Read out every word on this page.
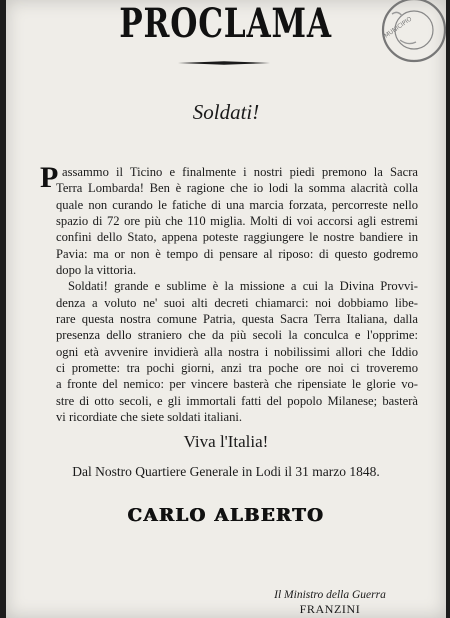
PROCLAMA	MUNICIPIO
Soldati!
P assammo il Ticino e finalmente i nostri piedi premono la Sacra
Terra Lombarda! Ben è ragione che io lodi la somma alacrità colla
quale non curando le fatiche di una marcia forzata, percorreste nello
spazio di 72 ore più che 110 miglia. Molti di voi accorsi agli estremi
confini dello Stato, appena poteste raggiungere le nostre bandiere in
Pavia: ma or non è tempo di pensare al riposo: di questo godremo
dopo la vittoria.
Soldati! grande e sublime è la missione a cui la Divina Provvi-
denza a voluto ne' suoi alti decreti chiamarci: noi dobbiamo libe-
rare questa nostra comune Patria, questa Sacra Terra Italiana, dalla
presenza dello straniero che da più secoli la conculca e l'opprime:
ogni età avvenire invidierà alla nostra i nobilissimi allori che Iddio
ci promette: tra pochi giorni, anzi tra poche ore noi ci troveremo
a fronte del nemico: per vincere basterà che ripensiate le glorie vo-
stre di otto secoli, e gli immortali fatti del popolo Milanese; basterà
vi ricordiate che siete soldati italiani.
Viva l'Italia!
Dal Nostro Quartiere Generale in Lodi il 31 marzo 1848.
CARLO ALBERTO
Il Ministro della Guerra
FRANZINI
